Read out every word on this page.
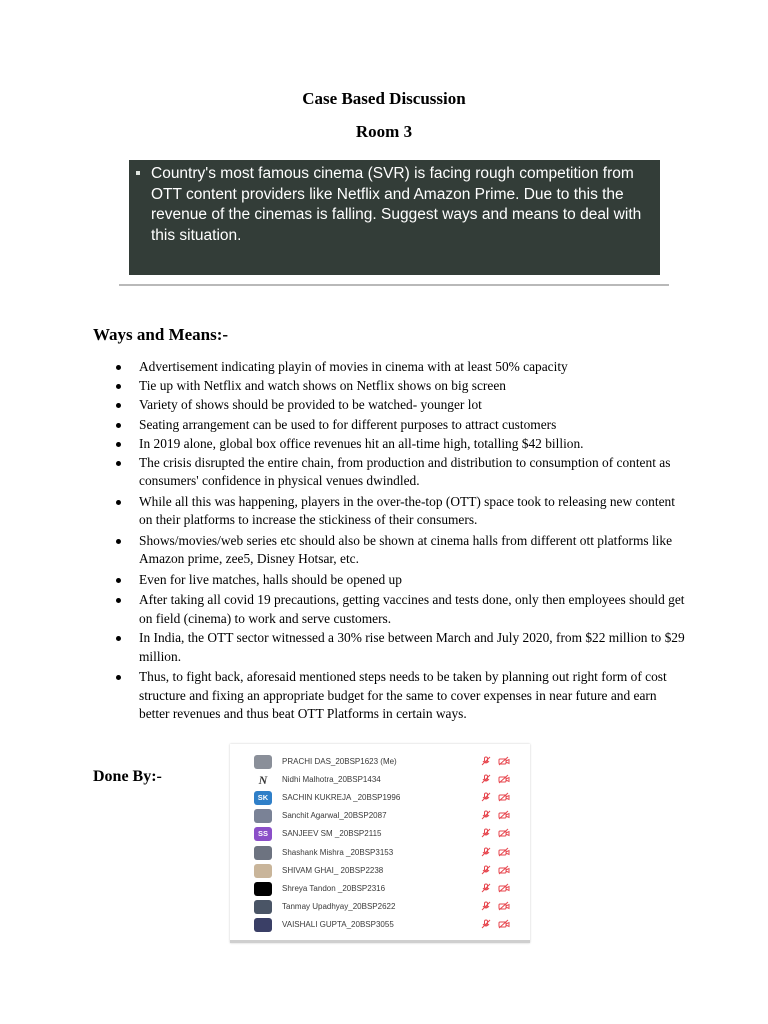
Case Based Discussion
Room 3
Country's most famous cinema (SVR) is facing rough competition from OTT content providers like Netflix and Amazon Prime. Due to this the revenue of the cinemas is falling. Suggest ways and means to deal with this situation.
Ways and Means:-
Advertisement indicating playin of movies in cinema with at least 50% capacity
Tie up with Netflix and watch shows on Netflix shows on big screen
Variety of shows should be provided to be watched- younger lot
Seating arrangement can be used to for different purposes to attract customers
In 2019 alone, global box office revenues hit an all-time high, totalling $42 billion.
The crisis disrupted the entire chain, from production and distribution to consumption of content as consumers' confidence in physical venues dwindled.
While all this was happening, players in the over-the-top (OTT) space took to releasing new content on their platforms to increase the stickiness of their consumers.
Shows/movies/web series etc should also be shown at cinema halls from different ott platforms like Amazon prime, zee5, Disney Hotsar, etc.
Even for live matches, halls should be opened up
After taking all covid 19 precautions, getting vaccines and tests done, only then employees should get on field (cinema) to work and serve customers.
In India, the OTT sector witnessed a 30% rise between March and July 2020, from $22 million to $29 million.
Thus, to fight back, aforesaid mentioned steps needs to be taken by planning out right form of cost structure and fixing an appropriate budget for the same to cover expenses in near future and earn better revenues and thus beat OTT Platforms in certain ways.
Done By:-
PRACHI DAS_20BSP1623 (Me)
N	Nidhi Malhotra_20BSP1434
SK	SACHIN KUKREJA _20BSP1996
Sanchit Agarwal_20BSP2087
SS	SANJEEV SM _20BSP2115
Shashank Mishra _20BSP3153
SHIVAM GHAI_ 20BSP2238
Shreya Tandon _20BSP2316
Tanmay Upadhyay_20BSP2622
VAISHALI GUPTA_20BSP3055
